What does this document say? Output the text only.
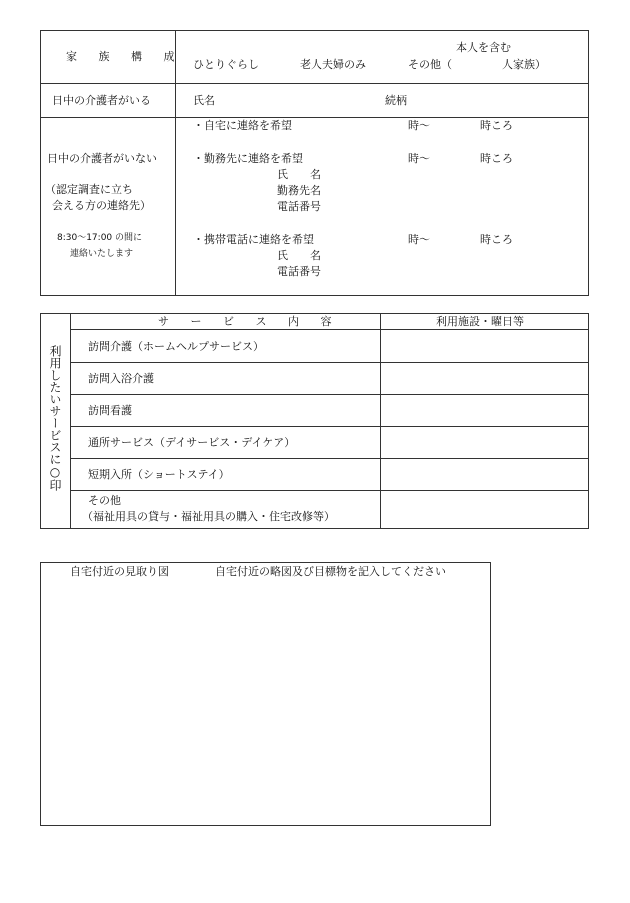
家 族 構 成
本人を含む
ひとりぐらし	老人夫婦のみ	その他（	人家族）
日中の介護者がいる	氏名	続柄
日中の介護者がいない
（認定調査に立ち
会える方の連絡先）
8:30～17:00 の間に
連絡いたします
・自宅に連絡を希望	時～	時ころ
・勤務先に連絡を希望	時～	時ころ
氏　　名
勤務先名
電話番号
・携帯電話に連絡を希望	時～	時ころ
氏　　名
電話番号
利用したいサービスに○印
サ ー ビ ス 内 容	利用施設・曜日等
訪問介護（ホームヘルプサービス）
訪問入浴介護
訪問看護
通所サービス（デイサービス・デイケア）
短期入所（ショートステイ）
その他
（福祉用具の貸与・福祉用具の購入・住宅改修等）
自宅付近の見取り図	自宅付近の略図及び目標物を記入してください
